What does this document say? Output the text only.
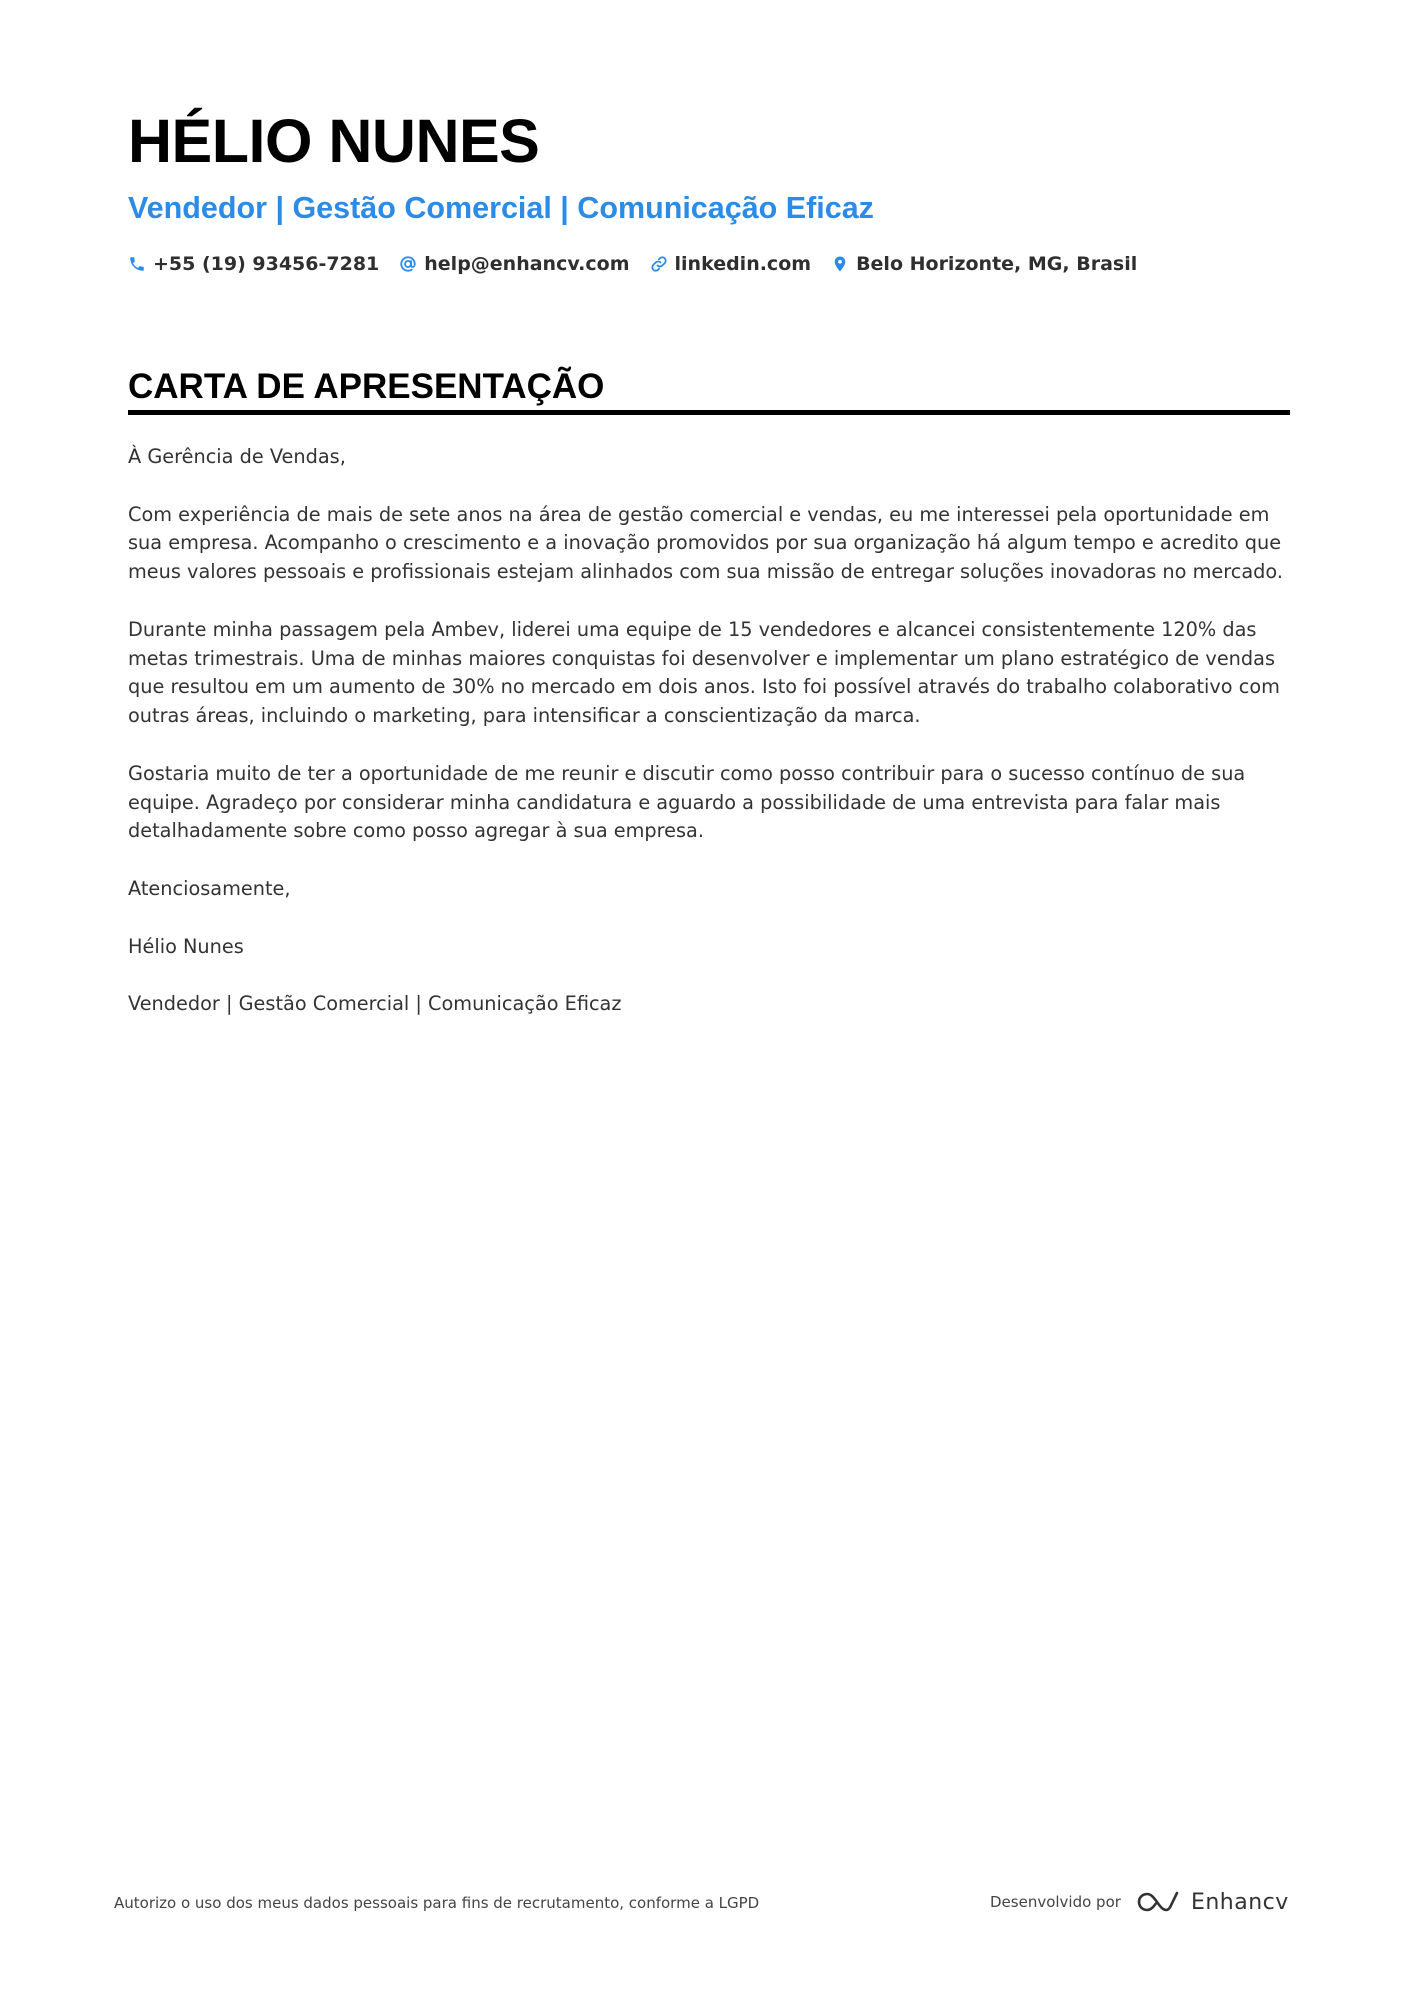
HÉLIO NUNES
Vendedor | Gestão Comercial | Comunicação Eficaz
+55 (19) 93456-7281 help@enhancv.com linkedin.com Belo Horizonte, MG, Brasil
CARTA DE APRESENTAÇÃO

À Gerência de Vendas,

Com experiência de mais de sete anos na área de gestão comercial e vendas, eu me interessei pela oportunidade em sua empresa. Acompanho o crescimento e a inovação promovidos por sua organização há algum tempo e acredito que meus valores pessoais e profissionais estejam alinhados com sua missão de entregar soluções inovadoras no mercado.

Durante minha passagem pela Ambev, liderei uma equipe de 15 vendedores e alcancei consistentemente 120% das metas trimestrais. Uma de minhas maiores conquistas foi desenvolver e implementar um plano estratégico de vendas que resultou em um aumento de 30% no mercado em dois anos. Isto foi possível através do trabalho colaborativo com outras áreas, incluindo o marketing, para intensificar a conscientização da marca.

Gostaria muito de ter a oportunidade de me reunir e discutir como posso contribuir para o sucesso contínuo de sua equipe. Agradeço por considerar minha candidatura e aguardo a possibilidade de uma entrevista para falar mais detalhadamente sobre como posso agregar à sua empresa.

Atenciosamente,

Hélio Nunes

Vendedor | Gestão Comercial | Comunicação Eficaz

Autorizo o uso dos meus dados pessoais para fins de recrutamento, conforme a LGPD	Desenvolvido por	Enhancv
